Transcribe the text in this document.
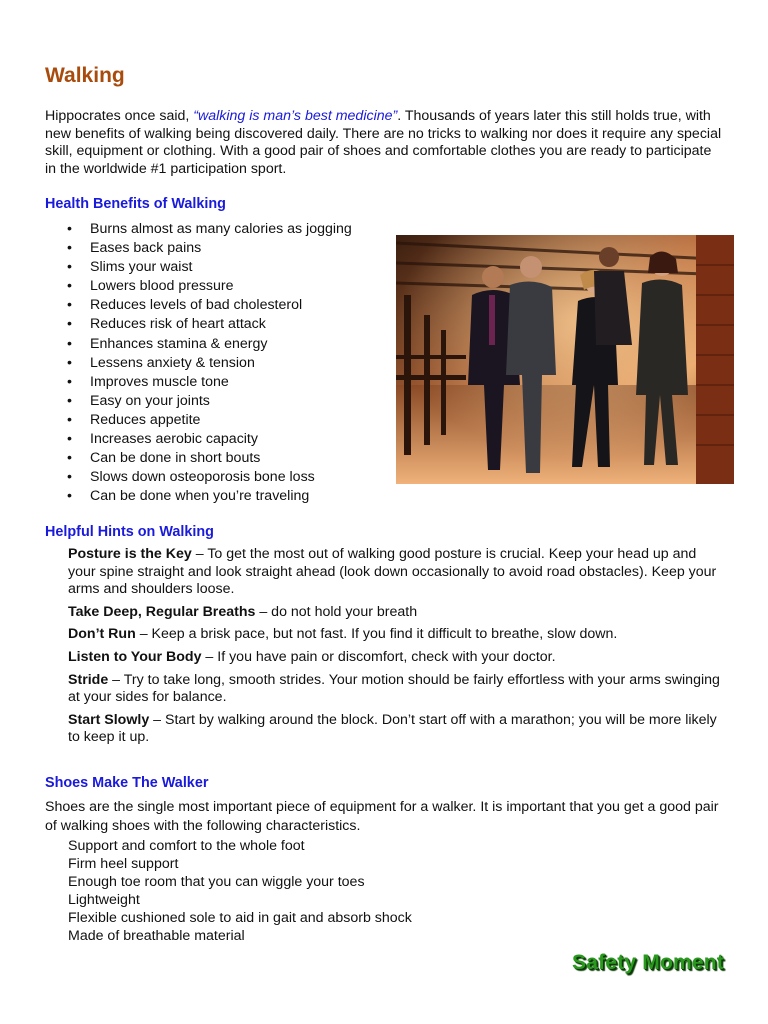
Walking

Hippocrates once said, “walking is man’s best medicine”. Thousands of years later this still holds true, with new benefits of walking being discovered daily. There are no tricks to walking nor does it require any special skill, equipment or clothing. With a good pair of shoes and comfortable clothes you are ready to participate in the worldwide #1 participation sport.

Health Benefits of Walking
• Burns almost as many calories as jogging
• Eases back pains
• Slims your waist
• Lowers blood pressure
• Reduces levels of bad cholesterol
• Reduces risk of heart attack
• Enhances stamina & energy
• Lessens anxiety & tension
• Improves muscle tone
• Easy on your joints
• Reduces appetite
• Increases aerobic capacity
• Can be done in short bouts
• Slows down osteoporosis bone loss
• Can be done when you’re traveling
Helpful Hints on Walking

Posture is the Key – To get the most out of walking good posture is crucial. Keep your head up and your spine straight and look straight ahead (look down occasionally to avoid road obstacles). Keep your arms and shoulders loose.

Take Deep, Regular Breaths – do not hold your breath

Don’t Run – Keep a brisk pace, but not fast. If you find it difficult to breathe, slow down.

Listen to Your Body – If you have pain or discomfort, check with your doctor.

Stride – Try to take long, smooth strides. Your motion should be fairly effortless with your arms swinging at your sides for balance.

Start Slowly – Start by walking around the block. Don’t start off with a marathon; you will be more likely to keep it up.

Shoes Make The Walker

Shoes are the single most important piece of equipment for a walker. It is important that you get a good pair of walking shoes with the following characteristics.

Support and comfort to the whole foot
Firm heel support
Enough toe room that you can wiggle your toes
Lightweight
Flexible cushioned sole to aid in gait and absorb shock
Made of breathable material

Safety Moment
